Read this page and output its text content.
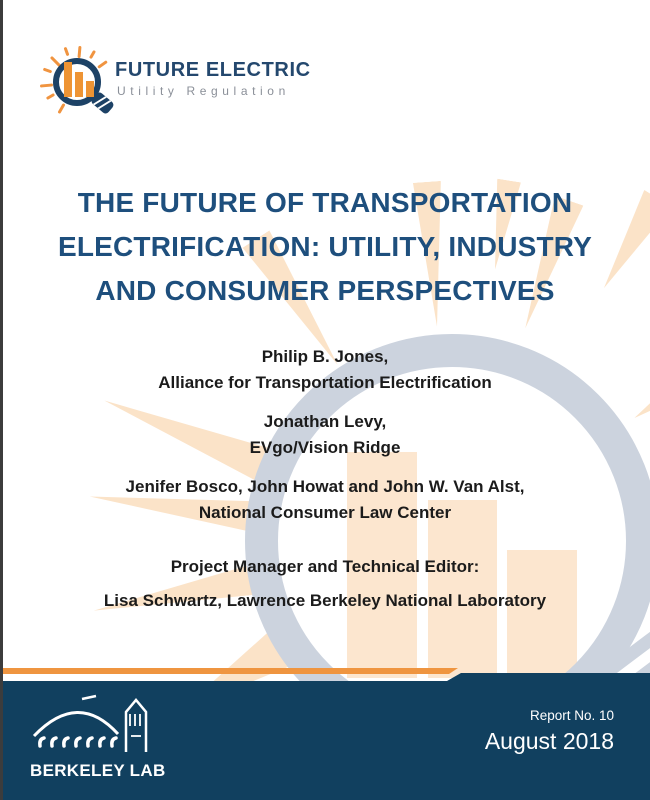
FUTURE ELECTRIC
Utility Regulation
THE FUTURE OF TRANSPORTATION
ELECTRIFICATION: UTILITY, INDUSTRY
AND CONSUMER PERSPECTIVES
Philip B. Jones,
Alliance for Transportation Electrification
Jonathan Levy,
EVgo/Vision Ridge
Jenifer Bosco, John Howat and John W. Van Alst,
National Consumer Law Center
Project Manager and Technical Editor:
Lisa Schwartz, Lawrence Berkeley National Laboratory
BERKELEY LAB
Report No. 10
August 2018
